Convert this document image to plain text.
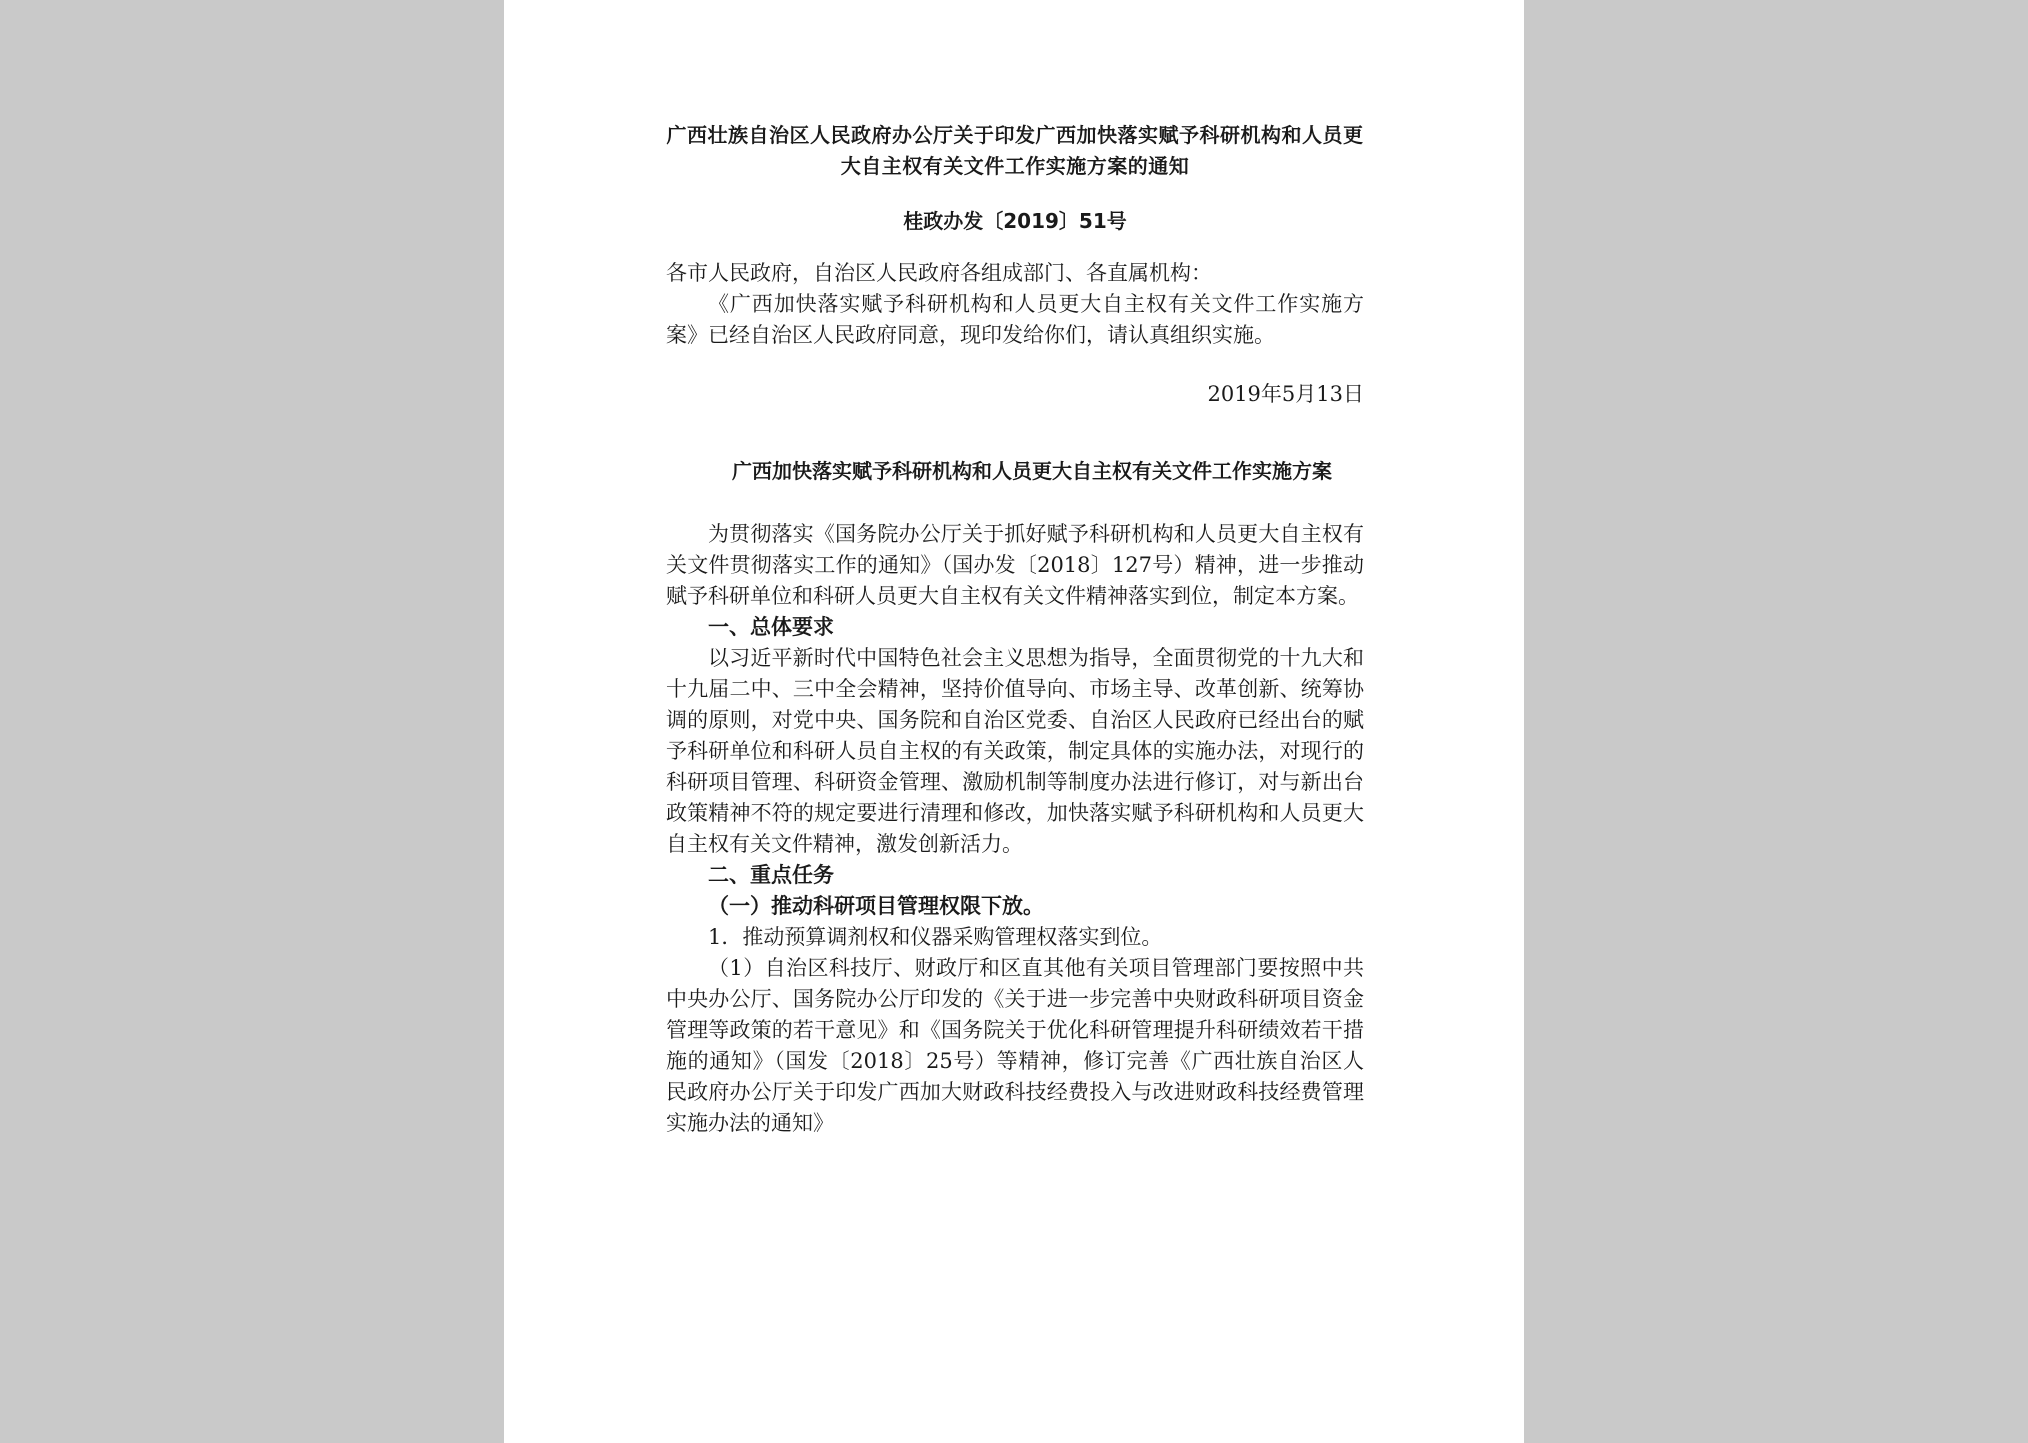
广西壮族自治区人民政府办公厅关于印发广西加快落实赋予科研机构和人员更大自主权有关文件工作实施方案的通知
桂政办发〔2019〕51号

各市人民政府，自治区人民政府各组成部门、各直属机构：

《广西加快落实赋予科研机构和人员更大自主权有关文件工作实施方案》已经自治区人民政府同意，现印发给你们，请认真组织实施。

2019年5月13日
广西加快落实赋予科研机构和人员更大自主权有关文件工作实施方案

为贯彻落实《国务院办公厅关于抓好赋予科研机构和人员更大自主权有关文件贯彻落实工作的通知》（国办发〔2018〕127号）精神，进一步推动赋予科研单位和科研人员更大自主权有关文件精神落实到位，制定本方案。

一、总体要求

以习近平新时代中国特色社会主义思想为指导，全面贯彻党的十九大和十九届二中、三中全会精神，坚持价值导向、市场主导、改革创新、统筹协调的原则，对党中央、国务院和自治区党委、自治区人民政府已经出台的赋予科研单位和科研人员自主权的有关政策，制定具体的实施办法，对现行的科研项目管理、科研资金管理、激励机制等制度办法进行修订，对与新出台政策精神不符的规定要进行清理和修改，加快落实赋予科研机构和人员更大自主权有关文件精神，激发创新活力。

二、重点任务

（一）推动科研项目管理权限下放。

1．推动预算调剂权和仪器采购管理权落实到位。

（1）自治区科技厅、财政厅和区直其他有关项目管理部门要按照中共中央办公厅、国务院办公厅印发的《关于进一步完善中央财政科研项目资金管理等政策的若干意见》和《国务院关于优化科研管理提升科研绩效若干措施的通知》（国发〔2018〕25号）等精神，修订完善《广西壮族自治区人民政府办公厅关于印发广西加大财政科技经费投入与改进财政科技经费管理实施办法的通知》
